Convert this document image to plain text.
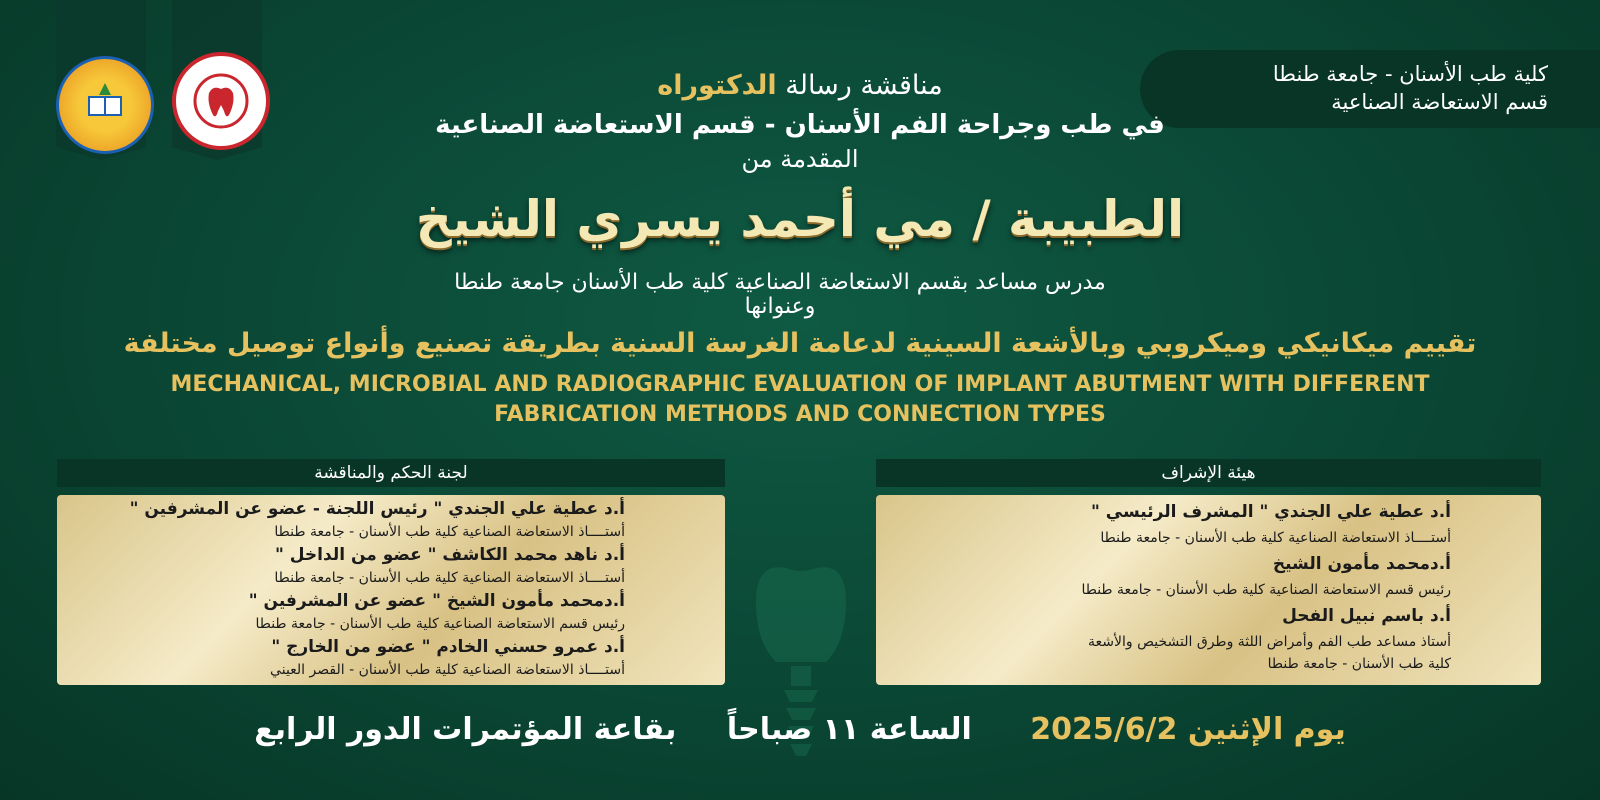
كلية طب الأسنان - جامعة طنطا
قسم الاستعاضة الصناعية
مناقشة رسالة الدكتوراه
في طب وجراحة الفم الأسنان - قسم الاستعاضة الصناعية
المقدمة من
الطبيبة / مي أحمد يسري الشيخ
مدرس مساعد بقسم الاستعاضة الصناعية كلية طب الأسنان جامعة طنطا
وعنوانها
تقييم ميكانيكي وميكروبي وبالأشعة السينية لدعامة الغرسة السنية بطريقة تصنيع وأنواع توصيل مختلفة
MECHANICAL, MICROBIAL AND RADIOGRAPHIC EVALUATION OF IMPLANT ABUTMENT WITH DIFFERENT
FABRICATION METHODS AND CONNECTION TYPES
لجنة الحكم والمناقشة
أ.د عطية علي الجندي " رئيس اللجنة - عضو عن المشرفين "
أستــــاذ الاستعاضة الصناعية كلية طب الأسنان - جامعة طنطا
أ.د ناهد محمد الكاشف " عضو من الداخل "
أستــــاذ الاستعاضة الصناعية كلية طب الأسنان - جامعة طنطا
أ.دمحمد مأمون الشيخ " عضو عن المشرفين "
رئيس قسم الاستعاضة الصناعية كلية طب الأسنان - جامعة طنطا
أ.د عمرو حسني الخادم " عضو من الخارج "
أستــــاذ الاستعاضة الصناعية كلية طب الأسنان - القصر العيني
هيئة الإشراف
أ.د عطية علي الجندي " المشرف الرئيسي "
أستــــاذ الاستعاضة الصناعية كلية طب الأسنان - جامعة طنطا
أ.دمحمد مأمون الشيخ
رئيس قسم الاستعاضة الصناعية كلية طب الأسنان - جامعة طنطا
أ.د باسم نبيل الفحل
أستاذ مساعد طب الفم وأمراض اللثة وطرق التشخيص والأشعة
كلية طب الأسنان - جامعة طنطا
يوم الإثنين 2025/6/2 الساعة ١١ صباحاً بقاعة المؤتمرات الدور الرابع
